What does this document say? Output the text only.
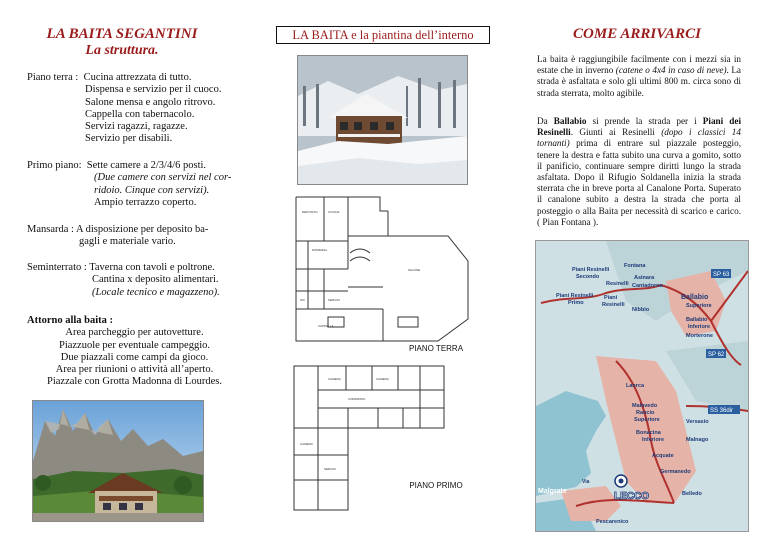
LA BAITA SEGANTINI
La struttura.
Piano terra :  Cucina attrezzata di tutto.
Dispensa e servizio per il cuoco.
Salone mensa e angolo ritrovo.
Cappella con tabernacolo.
Servizi ragazzi, ragazze.
Servizio per disabili.
Primo piano:  Sette camere a 2/3/4/6 posti.
(Due camere con servizi nel cor-
ridoio. Cinque con servizi).
Ampio terrazzo coperto.
Mansarda : A disposizione per deposito ba-
gagli e materiale vario.
Seminterrato : Taverna con tavoli e poltrone.
Cantina x deposito alimentari.
(Locale tecnico e magazzeno).
Attorno alla baita :
Area parcheggio per autovetture.
Piazzuole per eventuale campeggio.
Due piazzali come campi da gioco.
Area per riunioni o attività all’aperto.
Piazzale con Grotta Madonna di Lourdes.
LA BAITA e la piantina dell’interno
DEPOSITO	CUCINA
DISPENSA
SALONE
WC	SERVIZI
CAPPELLA
PIANO TERRA
CAMERA	CAMERA
CORRIDOIO
CAMERA
SERVIZI
PIANO PRIMO
COME ARRIVARCI
La baita è raggiungibile facilmente con i mezzi sia in estate che in inverno (catene o 4x4 in caso di neve). La strada è asfaltata e solo gli ultimi 800 m. circa sono di strada sterrata, molto agibile.
Da Ballabio si prende la strada per i Piani dei Resinelli. Giunti ai Resinelli (dopo i classici 14 tornanti) prima di entrare sul piazzale posteggio, tenere la destra e fatta subito una curva a gomito, sotto il panificio, continuare sempre diritti lungo la strada asfaltata. Dopo il Rifugio Soldanella inizia la strada sterrata che in breve porta al Canalone Porta. Superato il canalone subito a destra la strada che porta al posteggio o alla Baita per necessità di scarico e carico. ( Pian Fontana ).
SP 63
SP 62
SS 36dir
Piani Resinelli
Secondo
Fontana
Asinara
Cantadorna
Resinelli
Piani Resinelli
Primo
Piani
Resinelli
Ballabio
Superiore
Ballabio
Inferiore
Morterone
Nibbio
Laorca
Malavedo
Rancio
Superiore	Versasio
Acquate
Germanedo
Malnago
Bonacina
Inferiore
Belledo
Pescarenico
Malgrate
Via
LECCO
